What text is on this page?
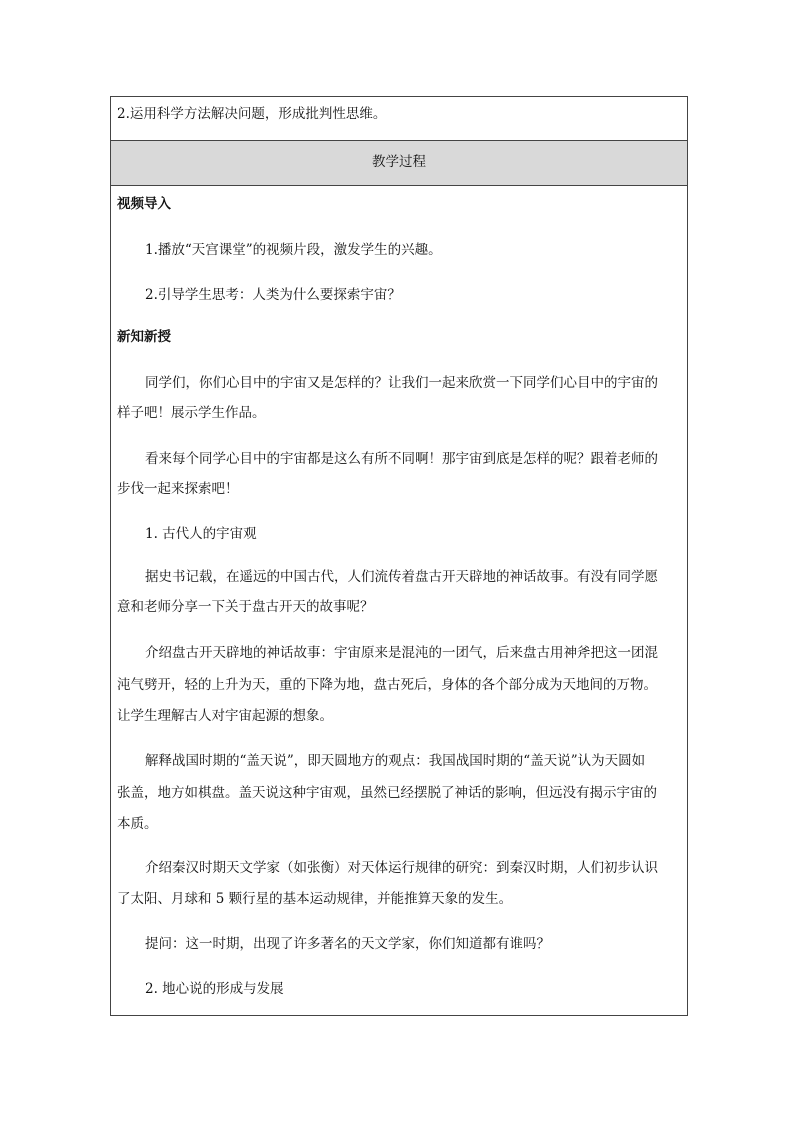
2.运用科学方法解决问题，形成批判性思维。
教学过程
视频导入
1.播放“天宫课堂”的视频片段，激发学生的兴趣。
2.引导学生思考：人类为什么要探索宇宙？
新知新授
同学们，你们心目中的宇宙又是怎样的？让我们一起来欣赏一下同学们心目中的宇宙的
样子吧！展示学生作品。
看来每个同学心目中的宇宙都是这么有所不同啊！那宇宙到底是怎样的呢？跟着老师的
步伐一起来探索吧！
1. 古代人的宇宙观
据史书记载，在遥远的中国古代，人们流传着盘古开天辟地的神话故事。有没有同学愿
意和老师分享一下关于盘古开天的故事呢？
介绍盘古开天辟地的神话故事：宇宙原来是混沌的一团气，后来盘古用神斧把这一团混
沌气劈开，轻的上升为天，重的下降为地，盘古死后，身体的各个部分成为天地间的万物。
让学生理解古人对宇宙起源的想象。
解释战国时期的“盖天说”，即天圆地方的观点：我国战国时期的“盖天说”认为天圆如
张盖，地方如棋盘。盖天说这种宇宙观，虽然已经摆脱了神话的影响，但远没有揭示宇宙的
本质。
介绍秦汉时期天文学家（如张衡）对天体运行规律的研究：到秦汉时期，人们初步认识
了太阳、月球和 5 颗行星的基本运动规律，并能推算天象的发生。
提问：这一时期，出现了许多著名的天文学家，你们知道都有谁吗？
2. 地心说的形成与发展
